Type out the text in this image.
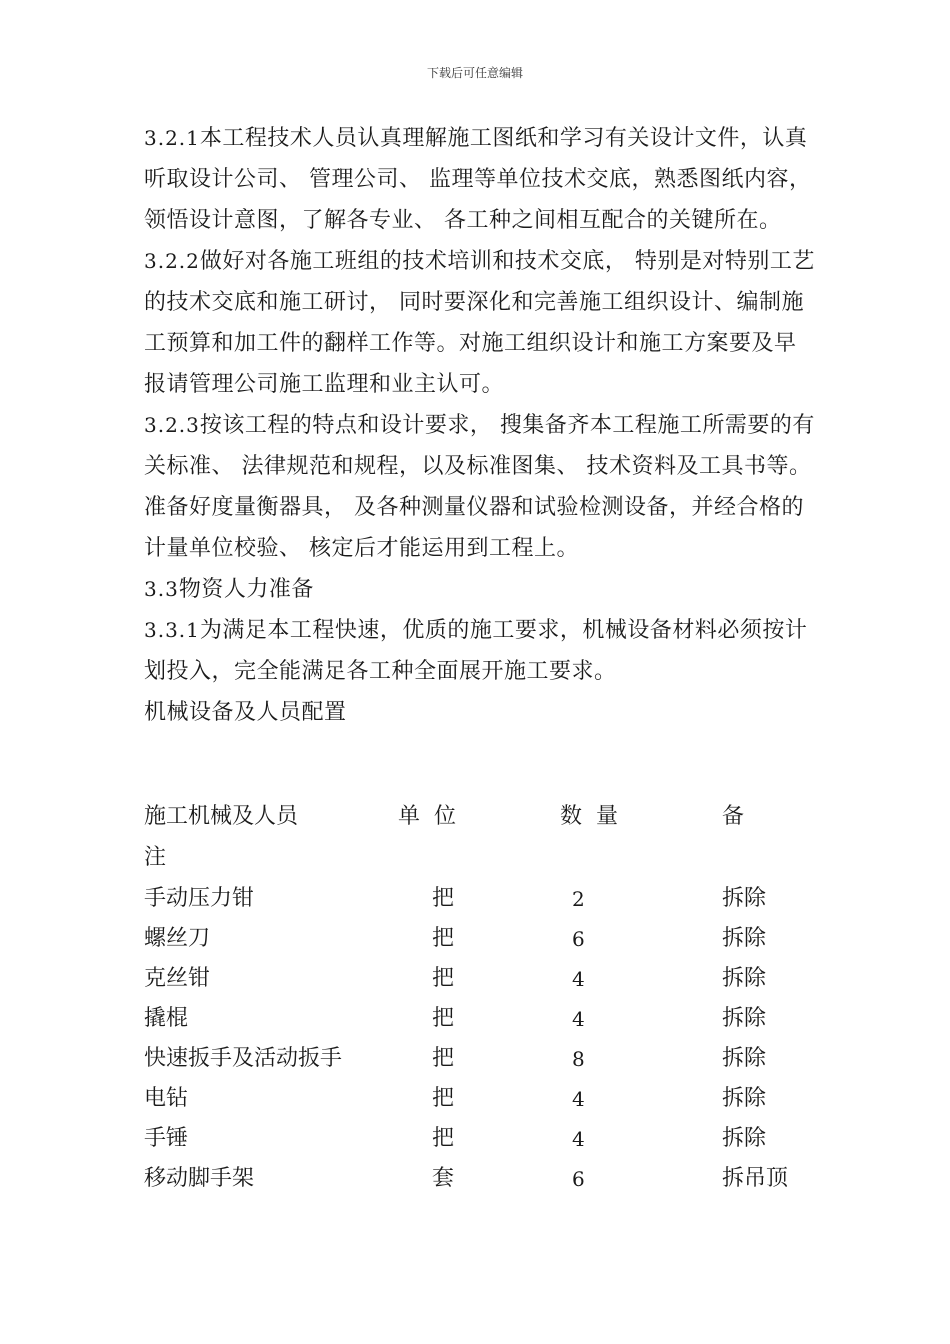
下载后可任意编辑

3.2.1本工程技术人员认真理解施工图纸和学习有关设计文件，认真听取设计公司、 管理公司、 监理等单位技术交底，熟悉图纸内容，领悟设计意图，了解各专业、 各工种之间相互配合的关键所在。

3.2.2做好对各施工班组的技术培训和技术交底， 特别是对特别工艺的技术交底和施工研讨， 同时要深化和完善施工组织设计、编制施工预算和加工件的翻样工作等。对施工组织设计和施工方案要及早报请管理公司施工监理和业主认可。

3.2.3按该工程的特点和设计要求， 搜集备齐本工程施工所需要的有关标准、 法律规范和规程，以及标准图集、 技术资料及工具书等。准备好度量衡器具， 及各种测量仪器和试验检测设备，并经合格的计量单位校验、 核定后才能运用到工程上。

3.3物资人力准备

3.3.1为满足本工程快速，优质的施工要求，机械设备材料必须按计划投入，完全能满足各工种全面展开施工要求。

机械设备及人员配置

施工机械及人员	单  位	数  量	备
注
手动压力钳	把	2	拆除
螺丝刀	把	6	拆除
克丝钳	把	4	拆除
撬棍	把	4	拆除
快速扳手及活动扳手	把	8	拆除
电钻	把	4	拆除
手锤	把	4	拆除
移动脚手架	套	6	拆吊顶
